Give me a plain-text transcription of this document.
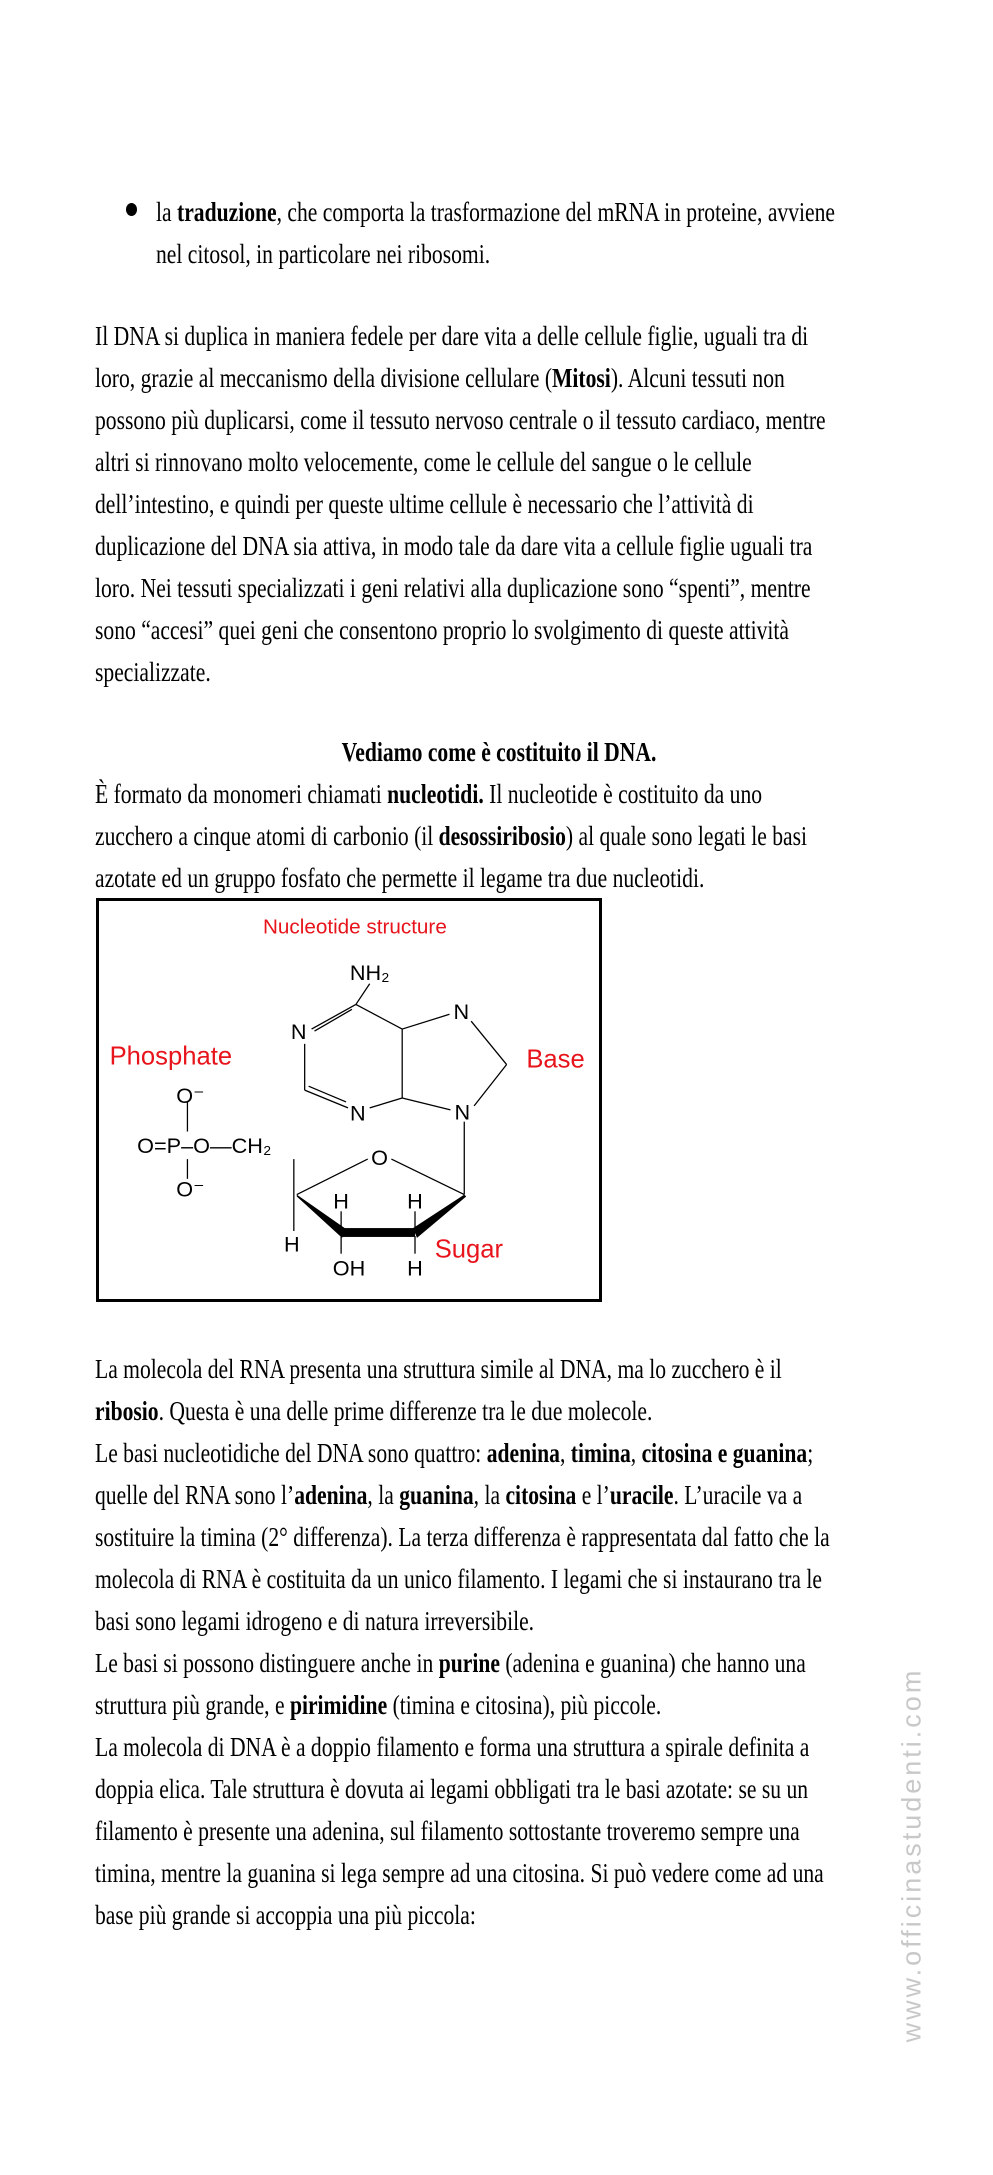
la traduzione, che comporta la trasformazione del mRNA in proteine, avviene
nel citosol, in particolare nei ribosomi.
Il DNA si duplica in maniera fedele per dare vita a delle cellule figlie, uguali tra di
loro, grazie al meccanismo della divisione cellulare (Mitosi). Alcuni tessuti non
possono più duplicarsi, come il tessuto nervoso centrale o il tessuto cardiaco, mentre
altri si rinnovano molto velocemente, come le cellule del sangue o le cellule
dell’intestino, e quindi per queste ultime cellule è necessario che l’attività di
duplicazione del DNA sia attiva, in modo tale da dare vita a cellule figlie uguali tra
loro. Nei tessuti specializzati i geni relativi alla duplicazione sono “spenti”, mentre
sono “accesi” quei geni che consentono proprio lo svolgimento di queste attività
specializzate.
Vediamo come è costituito il DNA.
È formato da monomeri chiamati nucleotidi. Il nucleotide è costituito da uno
zucchero a cinque atomi di carbonio (il desossiribosio) al quale sono legati le basi
azotate ed un gruppo fosfato che permette il legame tra due nucleotidi.
Nucleotide structure
Phosphate	Base
Sugar
NH₂
N
N
N
N
O⁻
O=P–O—CH₂
O⁻
O
H	H
H
OH H
La molecola del RNA presenta una struttura simile al DNA, ma lo zucchero è il
ribosio. Questa è una delle prime differenze tra le due molecole.
Le basi nucleotidiche del DNA sono quattro: adenina, timina, citosina e guanina;
quelle del RNA sono l’adenina, la guanina, la citosina e l’uracile. L’uracile va a
sostituire la timina (2° differenza). La terza differenza è rappresentata dal fatto che la
molecola di RNA è costituita da un unico filamento. I legami che si instaurano tra le
basi sono legami idrogeno e di natura irreversibile.
Le basi si possono distinguere anche in purine (adenina e guanina) che hanno una
struttura più grande, e pirimidine (timina e citosina), più piccole.
La molecola di DNA è a doppio filamento e forma una struttura a spirale definita a
doppia elica. Tale struttura è dovuta ai legami obbligati tra le basi azotate: se su un
filamento è presente una adenina, sul filamento sottostante troveremo sempre una
timina, mentre la guanina si lega sempre ad una citosina. Si può vedere come ad una
base più grande si accoppia una più piccola:	www.officinastudenti.com
